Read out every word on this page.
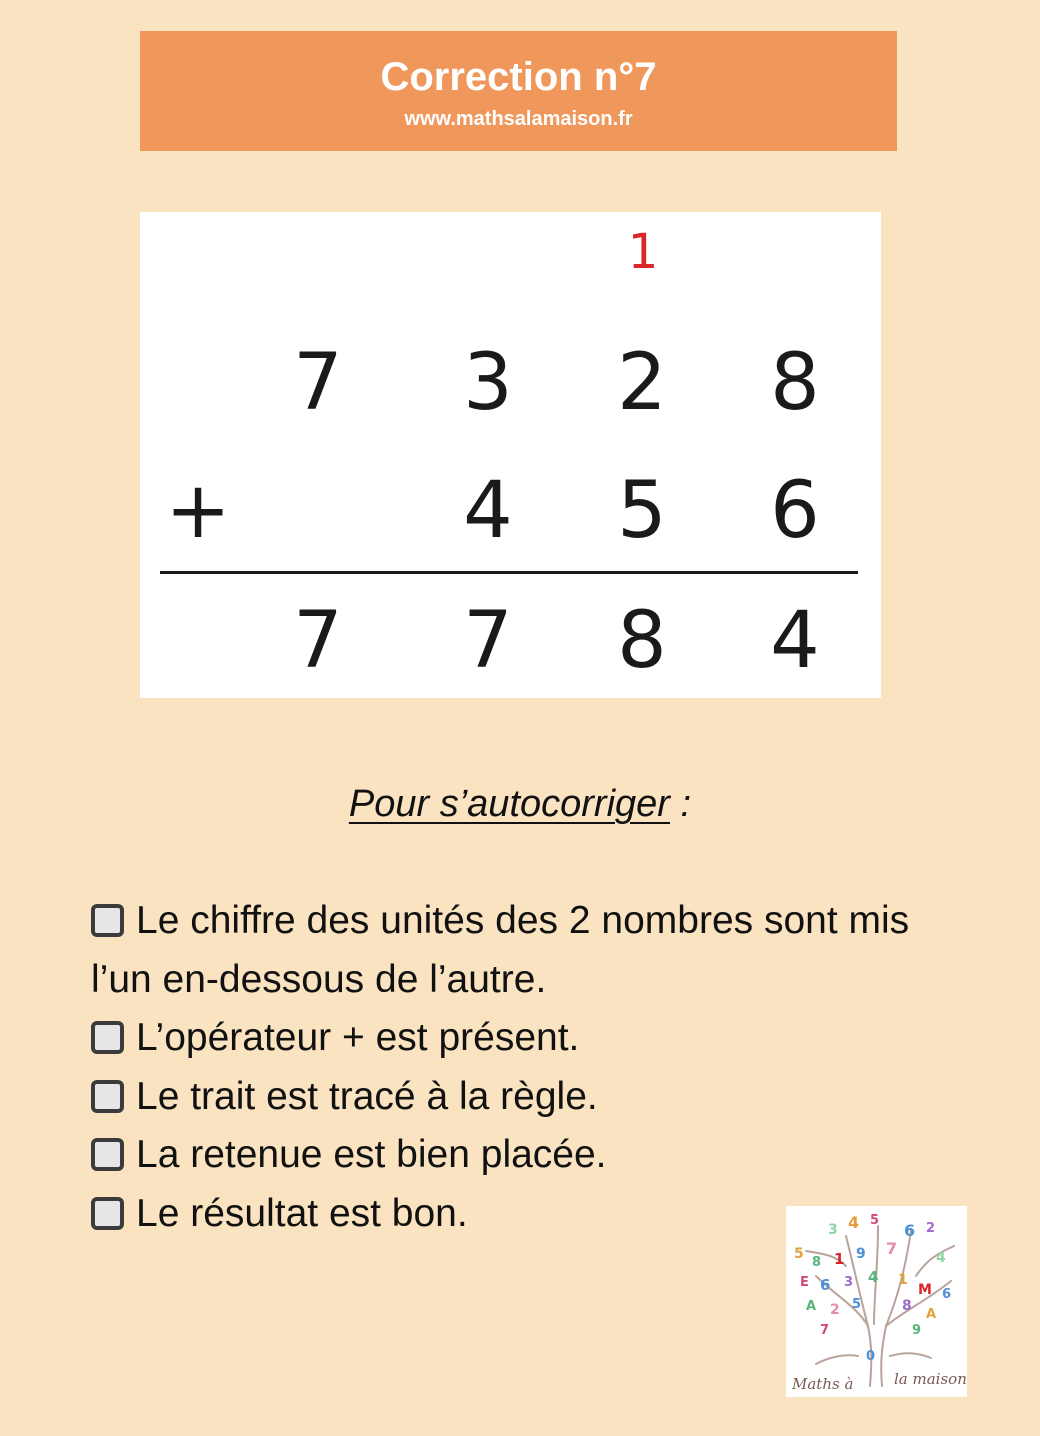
Correction n°7
www.mathsalamaison.fr
1
7 3 2 8
+	4 5 6
7 7 8 4
Pour s’autocorriger :
Le chiffre des unités des 2 nombres sont mis l’un en-dessous de l’autre.
L’opérateur + est présent.
Le trait est tracé à la règle.
La retenue est bien placée.
Le résultat est bon.	3 4 5
6 2
5
8 1 9 7	4
E 6 3 4 1
M 6
A 2 5	8
A
7	9
0
Maths à	la maison
